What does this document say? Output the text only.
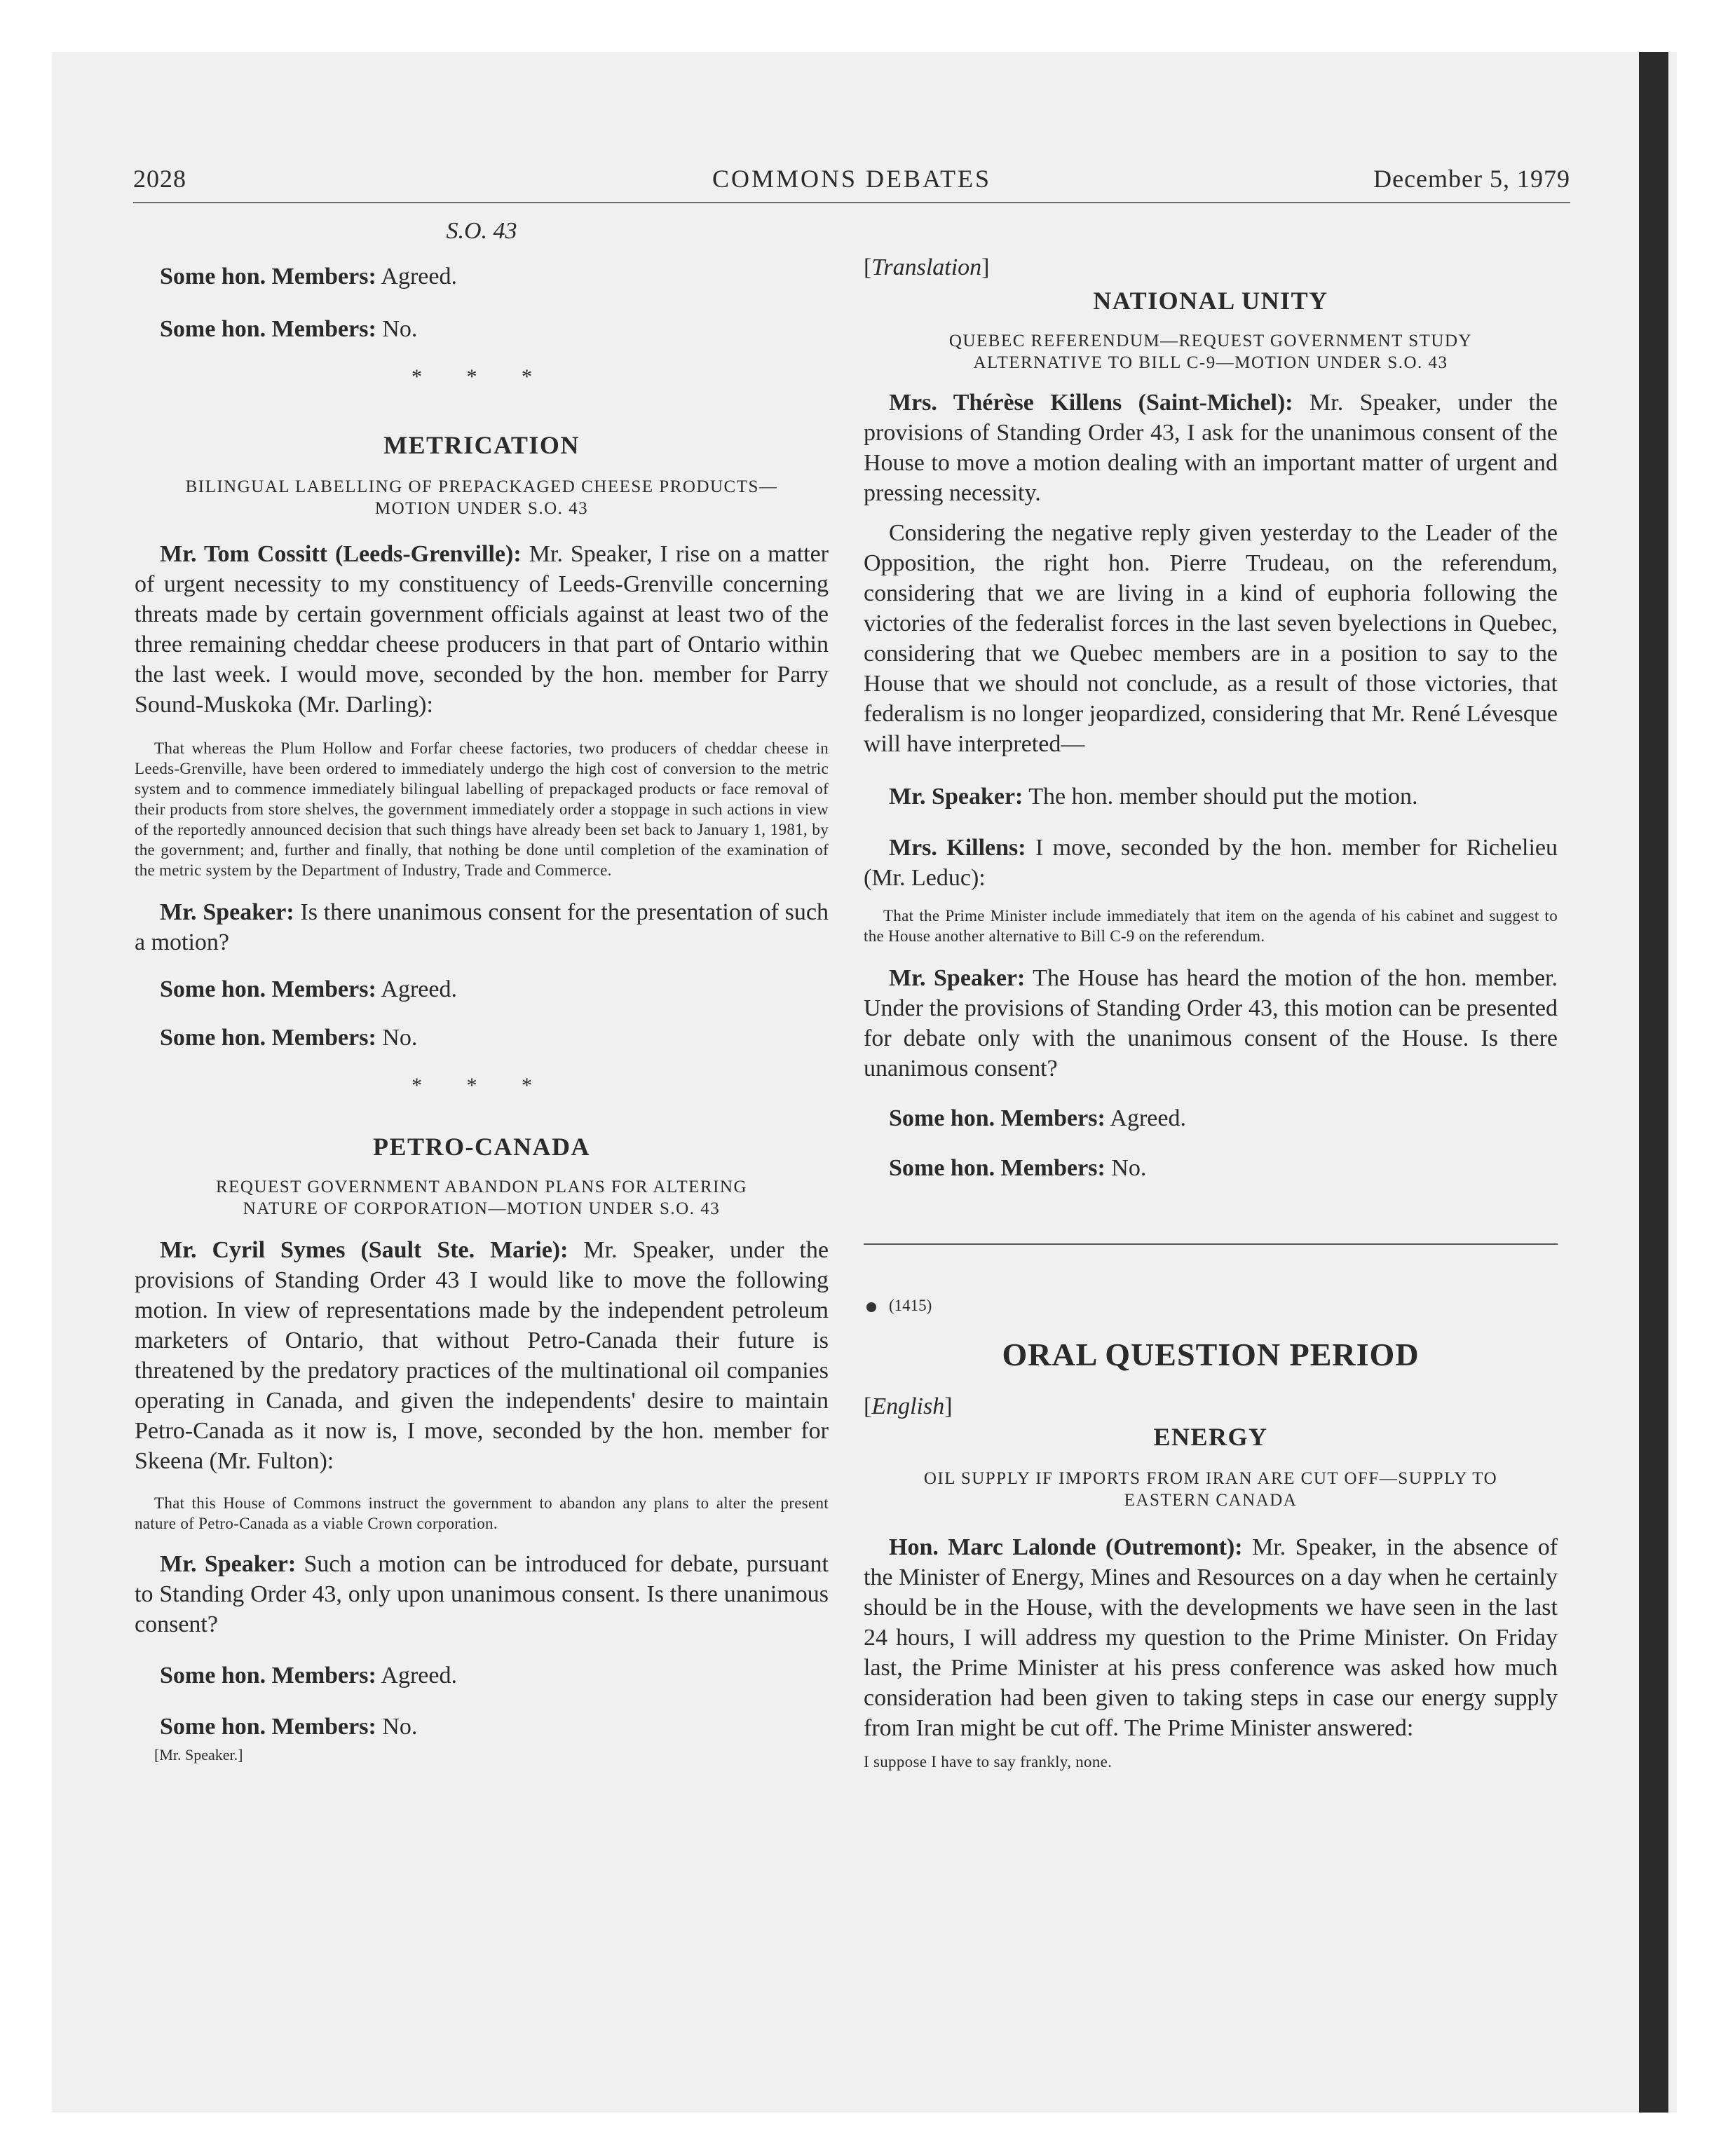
2028	COMMONS DEBATES	December 5, 1979

S.O. 43

Some hon. Members: Agreed.

Some hon. Members: No.

* * *

METRICATION

BILINGUAL LABELLING OF PREPACKAGED CHEESE PRODUCTS—
MOTION UNDER S.O. 43

Mr. Tom Cossitt (Leeds-Grenville): Mr. Speaker, I rise on a matter of urgent necessity to my constituency of Leeds-Grenville concerning threats made by certain government officials against at least two of the three remaining cheddar cheese producers in that part of Ontario within the last week. I would move, seconded by the hon. member for Parry Sound-Muskoka (Mr. Darling):

That whereas the Plum Hollow and Forfar cheese factories, two producers of cheddar cheese in Leeds-Grenville, have been ordered to immediately undergo the high cost of conversion to the metric system and to commence immediately bilingual labelling of prepackaged products or face removal of their products from store shelves, the government immediately order a stoppage in such actions in view of the reportedly announced decision that such things have already been set back to January 1, 1981, by the government; and, further and finally, that nothing be done until completion of the examination of the metric system by the Department of Industry, Trade and Commerce.

Mr. Speaker: Is there unanimous consent for the presentation of such a motion?

Some hon. Members: Agreed.

Some hon. Members: No.

* * *

PETRO-CANADA

REQUEST GOVERNMENT ABANDON PLANS FOR ALTERING
NATURE OF CORPORATION—MOTION UNDER S.O. 43

Mr. Cyril Symes (Sault Ste. Marie): Mr. Speaker, under the provisions of Standing Order 43 I would like to move the following motion. In view of representations made by the independent petroleum marketers of Ontario, that without Petro-Canada their future is threatened by the predatory practices of the multinational oil companies operating in Canada, and given the independents' desire to maintain Petro-Canada as it now is, I move, seconded by the hon. member for Skeena (Mr. Fulton):

That this House of Commons instruct the government to abandon any plans to alter the present nature of Petro-Canada as a viable Crown corporation.

Mr. Speaker: Such a motion can be introduced for debate, pursuant to Standing Order 43, only upon unanimous consent. Is there unanimous consent?

Some hon. Members: Agreed.

Some hon. Members: No.

[Mr. Speaker.]

[Translation]

NATIONAL UNITY

QUEBEC REFERENDUM—REQUEST GOVERNMENT STUDY
ALTERNATIVE TO BILL C-9—MOTION UNDER S.O. 43

Mrs. Thérèse Killens (Saint-Michel): Mr. Speaker, under the provisions of Standing Order 43, I ask for the unanimous consent of the House to move a motion dealing with an important matter of urgent and pressing necessity.

Considering the negative reply given yesterday to the Leader of the Opposition, the right hon. Pierre Trudeau, on the referendum, considering that we are living in a kind of euphoria following the victories of the federalist forces in the last seven byelections in Quebec, considering that we Quebec members are in a position to say to the House that we should not conclude, as a result of those victories, that federalism is no longer jeopardized, considering that Mr. René Lévesque will have interpreted—

Mr. Speaker: The hon. member should put the motion.

Mrs. Killens: I move, seconded by the hon. member for Richelieu (Mr. Leduc):

That the Prime Minister include immediately that item on the agenda of his cabinet and suggest to the House another alternative to Bill C-9 on the referendum.

Mr. Speaker: The House has heard the motion of the hon. member. Under the provisions of Standing Order 43, this motion can be presented for debate only with the unanimous consent of the House. Is there unanimous consent?

Some hon. Members: Agreed.

Some hon. Members: No.

(1415)

ORAL QUESTION PERIOD

[English]

ENERGY

OIL SUPPLY IF IMPORTS FROM IRAN ARE CUT OFF—SUPPLY TO
EASTERN CANADA

Hon. Marc Lalonde (Outremont): Mr. Speaker, in the absence of the Minister of Energy, Mines and Resources on a day when he certainly should be in the House, with the developments we have seen in the last 24 hours, I will address my question to the Prime Minister. On Friday last, the Prime Minister at his press conference was asked how much consideration had been given to taking steps in case our energy supply from Iran might be cut off. The Prime Minister answered:

I suppose I have to say frankly, none.
